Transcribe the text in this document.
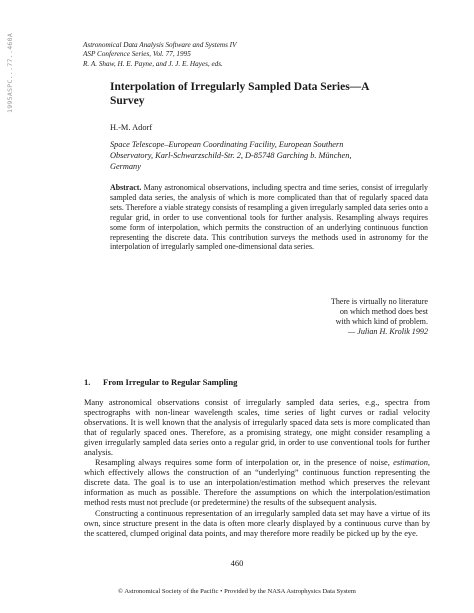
1995ASPC...77..460A	Astronomical Data Analysis Software and Systems IV
ASP Conference Series, Vol. 77, 1995
R. A. Shaw, H. E. Payne, and J. J. E. Hayes, eds.
Interpolation of Irregularly Sampled Data Series—A
Survey
H.-M. Adorf
Space Telescope–European Coordinating Facility, European Southern
Observatory, Karl-Schwarzschild-Str. 2, D-85748 Garching b. München,
Germany
Abstract. Many astronomical observations, including spectra and time series, consist of irregularly sampled data series, the analysis of which is more complicated than that of regularly spaced data sets. Therefore a viable strategy consists of resampling a given irregularly sampled data series onto a regular grid, in order to use conventional tools for further analysis. Resampling always requires some form of interpolation, which permits the construction of an underlying continuous function representing the discrete data. This contribution surveys the methods used in astronomy for the interpolation of irregularly sampled one-dimensional data series.
There is virtually no literature
on which method does best
with which kind of problem.
— Julian H. Krolik 1992
1. From Irregular to Regular Sampling

Many astronomical observations consist of irregularly sampled data series, e.g., spectra from spectrographs with non-linear wavelength scales, time series of light curves or radial velocity observations. It is well known that the analysis of irregularly spaced data sets is more complicated than that of regularly spaced ones. Therefore, as a promising strategy, one might consider resampling a given irregularly sampled data series onto a regular grid, in order to use conventional tools for further analysis.

Resampling always requires some form of interpolation or, in the presence of noise, estimation, which effectively allows the construction of an “underlying” continuous function representing the discrete data. The goal is to use an interpolation/estimation method which preserves the relevant information as much as possible. Therefore the assumptions on which the interpolation/estimation method rests must not preclude (or predetermine) the results of the subsequent analysis.

Constructing a continuous representation of an irregularly sampled data set may have a virtue of its own, since structure present in the data is often more clearly displayed by a continuous curve than by the scattered, clumped original data points, and may therefore more readily be picked up by the eye.

460
© Astronomical Society of the Pacific • Provided by the NASA Astrophysics Data System
